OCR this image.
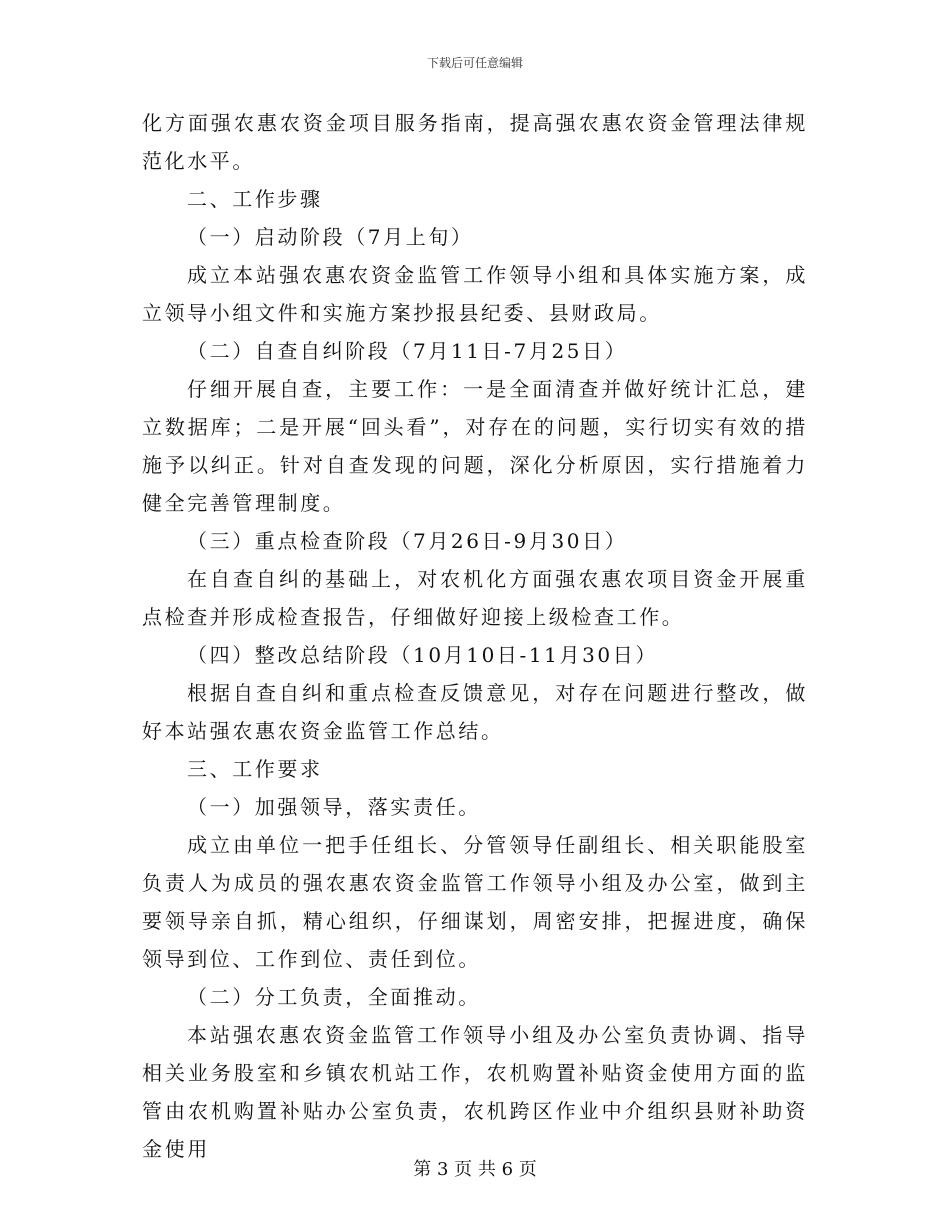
下载后可任意编辑

化方面强农惠农资金项目服务指南，提高强农惠农资金管理法律规范化水平。

二、工作步骤

（一）启动阶段（7月上旬）

成立本站强农惠农资金监管工作领导小组和具体实施方案，成立领导小组文件和实施方案抄报县纪委、县财政局。

（二）自查自纠阶段（7月11日-7月25日）

仔细开展自查，主要工作：一是全面清查并做好统计汇总，建立数据库；二是开展“回头看”，对存在的问题，实行切实有效的措施予以纠正。针对自查发现的问题，深化分析原因，实行措施着力健全完善管理制度。

（三）重点检查阶段（7月26日-9月30日）

在自查自纠的基础上，对农机化方面强农惠农项目资金开展重点检查并形成检查报告，仔细做好迎接上级检查工作。

（四）整改总结阶段（10月10日-11月30日）

根据自查自纠和重点检查反馈意见，对存在问题进行整改，做好本站强农惠农资金监管工作总结。

三、工作要求

（一）加强领导，落实责任。

成立由单位一把手任组长、分管领导任副组长、相关职能股室负责人为成员的强农惠农资金监管工作领导小组及办公室，做到主要领导亲自抓，精心组织，仔细谋划，周密安排，把握进度，确保领导到位、工作到位、责任到位。

（二）分工负责，全面推动。

本站强农惠农资金监管工作领导小组及办公室负责协调、指导相关业务股室和乡镇农机站工作，农机购置补贴资金使用方面的监管由农机购置补贴办公室负责，农机跨区作业中介组织县财补助资金使用

第 3 页 共 6 页
